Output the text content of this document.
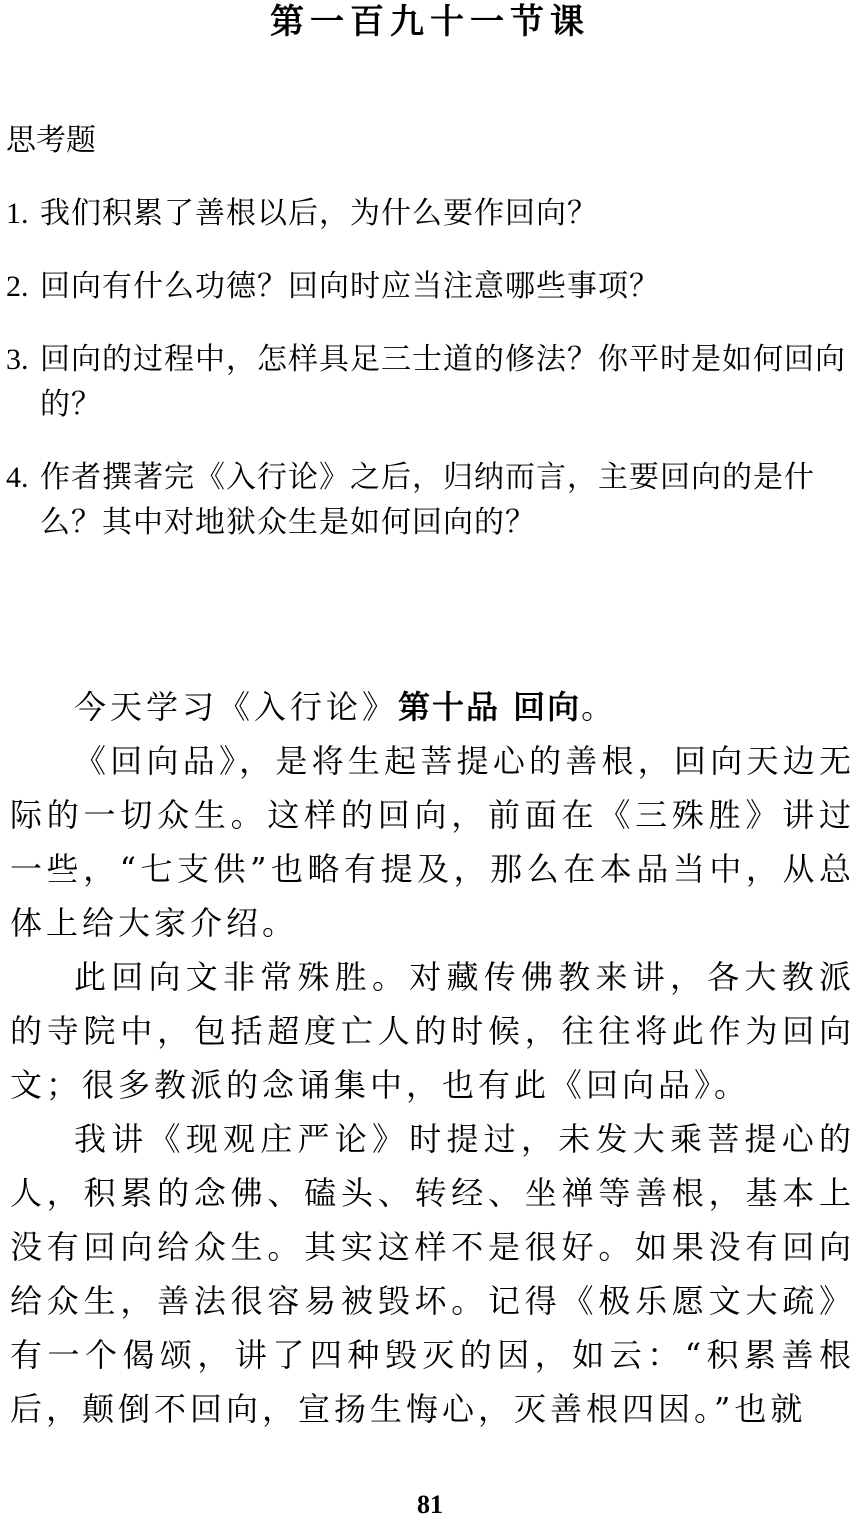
第一百九十一节课
思考题
1. 我们积累了善根以后，为什么要作回向？
2. 回向有什么功德？回向时应当注意哪些事项？
3. 回向的过程中，怎样具足三士道的修法？你平时是如何回向的？
4. 作者撰著完《入行论》之后，归纳而言，主要回向的是什么？其中对地狱众生是如何回向的？

今天学习《入行论》第十品 回向。

《回向品》，是将生起菩提心的善根，回向天边无际的一切众生。这样的回向，前面在《三殊胜》讲过一些，“七支供”也略有提及，那么在本品当中，从总体上给大家介绍。

此回向文非常殊胜。对藏传佛教来讲，各大教派的寺院中，包括超度亡人的时候，往往将此作为回向文；很多教派的念诵集中，也有此《回向品》。

我讲《现观庄严论》时提过，未发大乘菩提心的人，积累的念佛、磕头、转经、坐禅等善根，基本上没有回向给众生。其实这样不是很好。如果没有回向给众生，善法很容易被毁坏。记得《极乐愿文大疏》有一个偈颂，讲了四种毁灭的因，如云：“积累善根后，颠倒不回向，宣扬生悔心，灭善根四因。”也就

81
